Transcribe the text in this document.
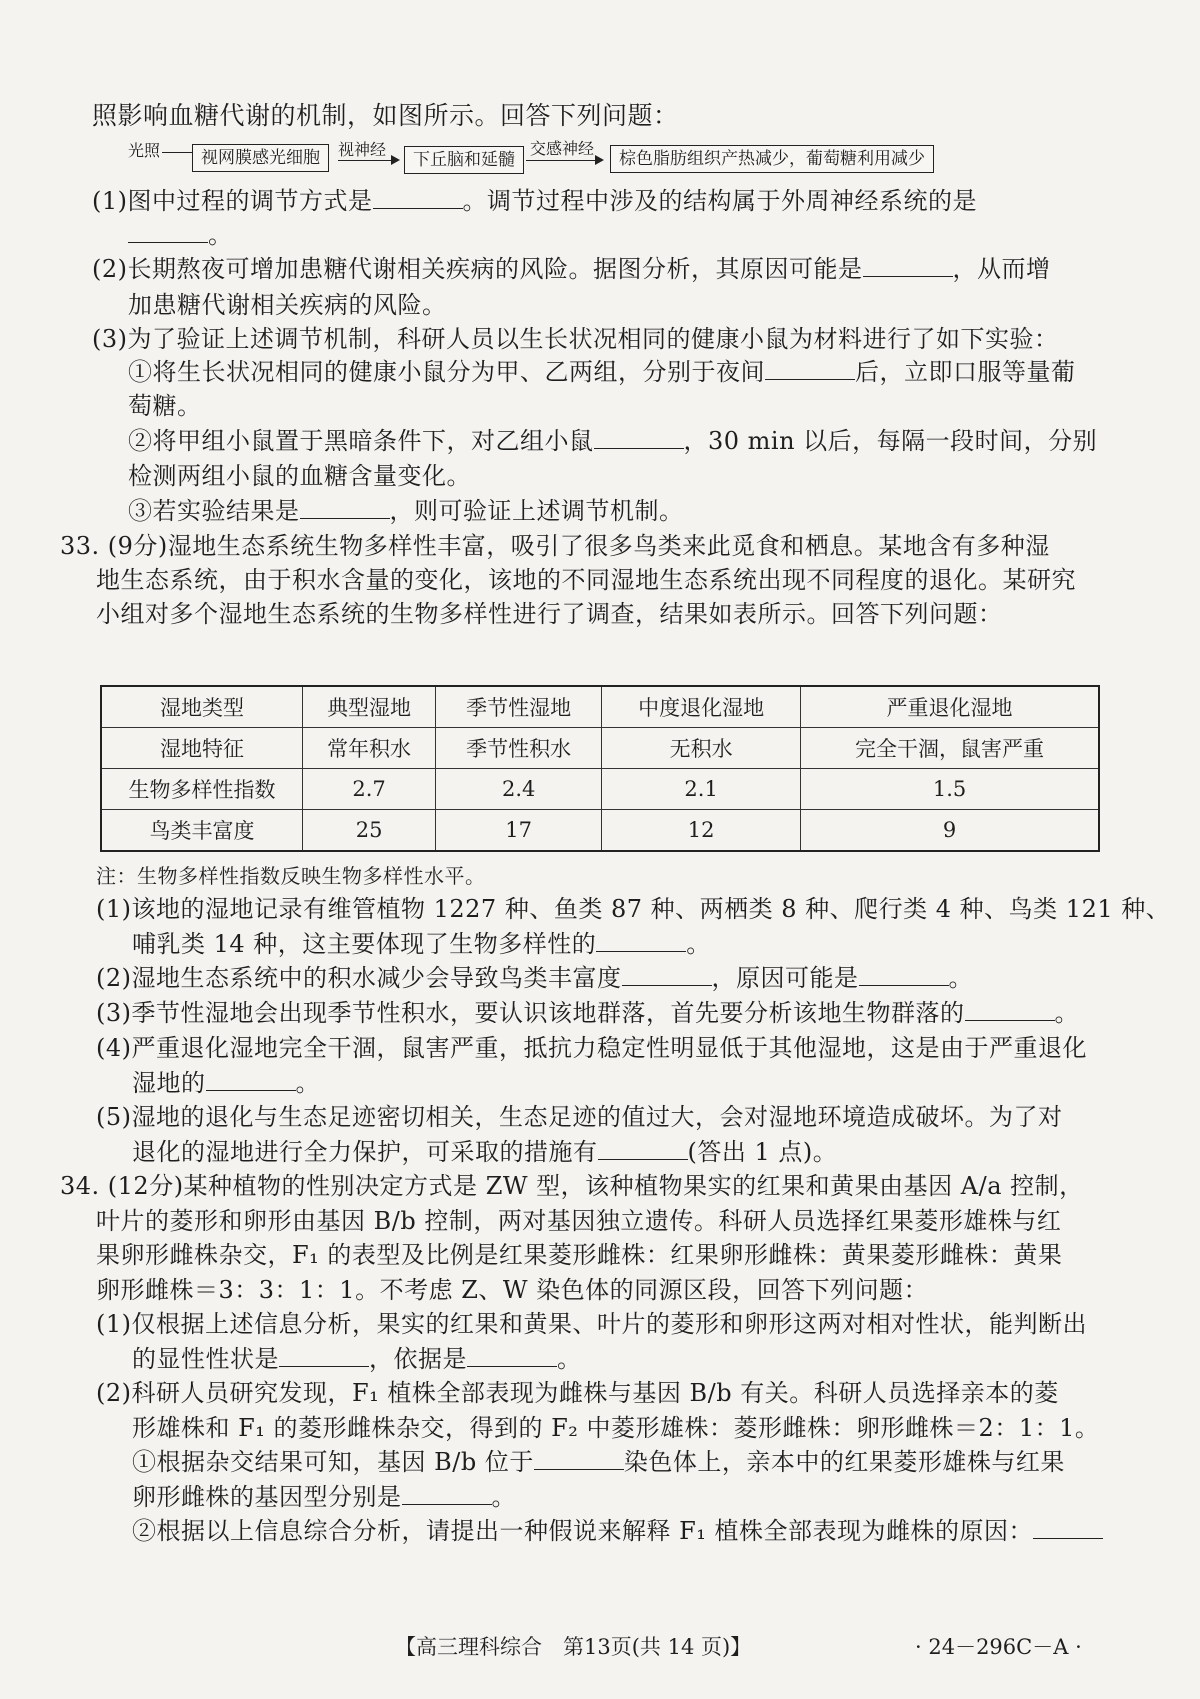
照影响血糖代谢的机制，如图所示。回答下列问题：
光照	视网膜感光细胞	视神经
下丘脑和延髓
交感神经
棕色脂肪组织产热减少，葡萄糖利用减少
(1)图中过程的调节方式是	。调节过程中涉及的结构属于外周神经系统的是
。
(2)长期熬夜可增加患糖代谢相关疾病的风险。据图分析，其原因可能是	，从而增
加患糖代谢相关疾病的风险。
(3)为了验证上述调节机制，科研人员以生长状况相同的健康小鼠为材料进行了如下实验：
①将生长状况相同的健康小鼠分为甲、乙两组，分别于夜间	后，立即口服等量葡
萄糖。
②将甲组小鼠置于黑暗条件下，对乙组小鼠	，30 min 以后，每隔一段时间，分别
检测两组小鼠的血糖含量变化。
③若实验结果是	，则可验证上述调节机制。
33. (9分)湿地生态系统生物多样性丰富，吸引了很多鸟类来此觅食和栖息。某地含有多种湿
地生态系统，由于积水含量的变化，该地的不同湿地生态系统出现不同程度的退化。某研究
小组对多个湿地生态系统的生物多样性进行了调查，结果如表所示。回答下列问题：
湿地类型	典型湿地	季节性湿地	中度退化湿地	严重退化湿地
湿地特征	常年积水	季节性积水	无积水	完全干涸，鼠害严重
生物多样性指数	2.7	2.4	2.1	1.5
鸟类丰富度	25	17	12	9
注：生物多样性指数反映生物多样性水平。
(1)该地的湿地记录有维管植物 1227 种、鱼类 87 种、两栖类 8 种、爬行类 4 种、鸟类 121 种、
哺乳类 14 种，这主要体现了生物多样性的	。
(2)湿地生态系统中的积水减少会导致鸟类丰富度	，原因可能是	。
(3)季节性湿地会出现季节性积水，要认识该地群落，首先要分析该地生物群落的	。
(4)严重退化湿地完全干涸，鼠害严重，抵抗力稳定性明显低于其他湿地，这是由于严重退化
湿地的	。
(5)湿地的退化与生态足迹密切相关，生态足迹的值过大，会对湿地环境造成破坏。为了对
退化的湿地进行全力保护，可采取的措施有	(答出 1 点)。
34. (12分)某种植物的性别决定方式是 ZW 型，该种植物果实的红果和黄果由基因 A/a 控制，
叶片的菱形和卵形由基因 B/b 控制，两对基因独立遗传。科研人员选择红果菱形雄株与红
果卵形雌株杂交，F₁ 的表型及比例是红果菱形雌株：红果卵形雌株：黄果菱形雌株：黄果
卵形雌株＝3：3：1：1。不考虑 Z、W 染色体的同源区段，回答下列问题：
(1)仅根据上述信息分析，果实的红果和黄果、叶片的菱形和卵形这两对相对性状，能判断出
的显性性状是	，依据是	。
(2)科研人员研究发现，F₁ 植株全部表现为雌株与基因 B/b 有关。科研人员选择亲本的菱
形雄株和 F₁ 的菱形雌株杂交，得到的 F₂ 中菱形雄株：菱形雌株：卵形雌株＝2：1：1。
①根据杂交结果可知，基因 B/b 位于	染色体上，亲本中的红果菱形雄株与红果
卵形雌株的基因型分别是	。
②根据以上信息综合分析，请提出一种假说来解释 F₁ 植株全部表现为雌株的原因：
【高三理科综合　第13页(共 14 页)】	· 24－296C－A ·
